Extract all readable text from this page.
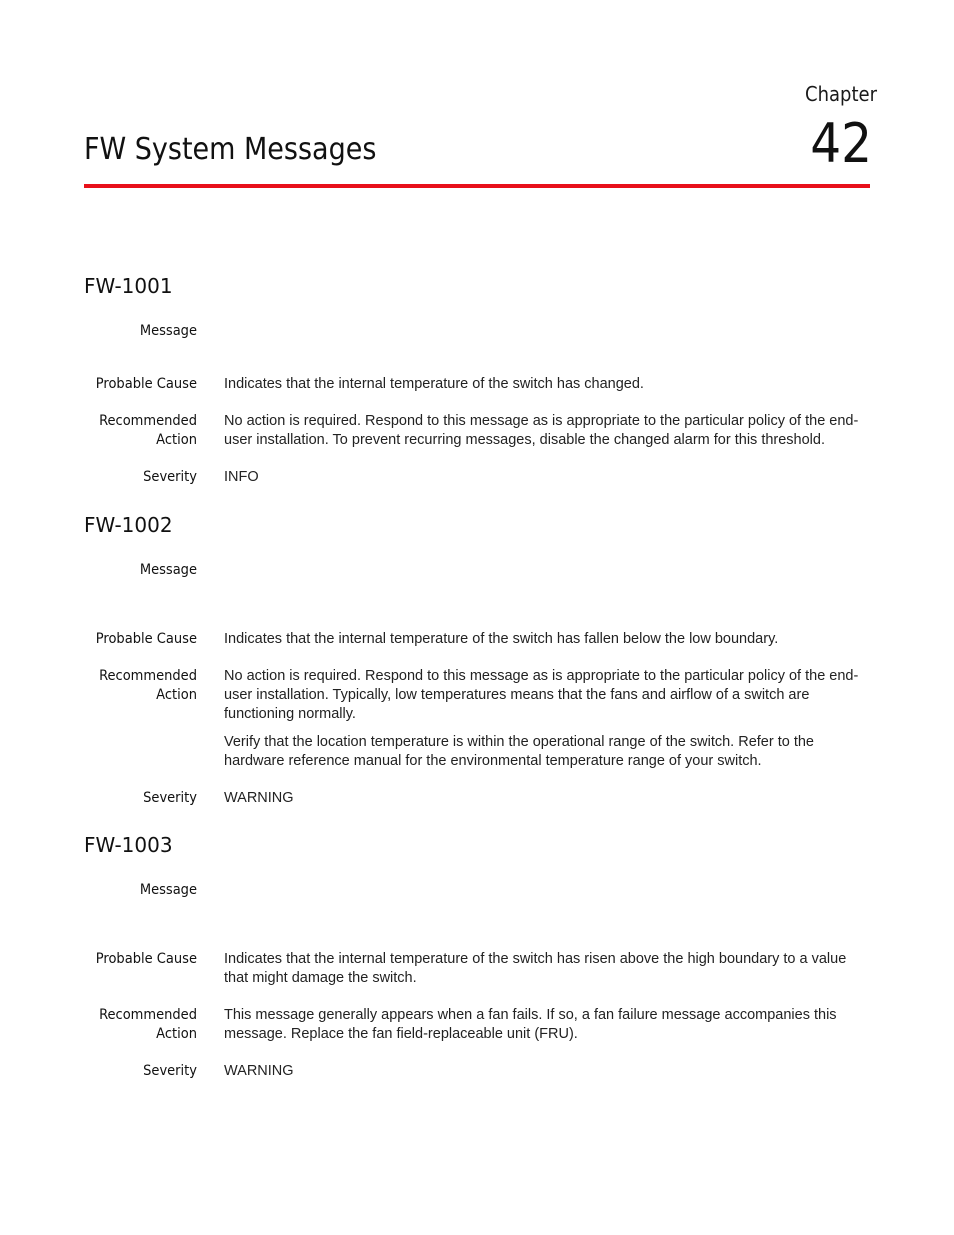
Chapter
42
FW System Messages
FW-1001
Message
Probable Cause Indicates that the internal temperature of the switch has changed.
Recommended
Action

No action is required. Respond to this message as is appropriate to the particular policy of the end-user installation. To prevent recurring messages, disable the changed alarm for this threshold.

Severity INFO
FW-1002
Message
Probable Cause Indicates that the internal temperature of the switch has fallen below the low boundary.
Recommended
Action

No action is required. Respond to this message as is appropriate to the particular policy of the end-user installation. Typically, low temperatures means that the fans and airflow of a switch are functioning normally.

Verify that the location temperature is within the operational range of the switch. Refer to the hardware reference manual for the environmental temperature range of your switch.

Severity WARNING
FW-1003
Message
Probable Cause Indicates that the internal temperature of the switch has risen above the high boundary to a value that might damage the switch.
Recommended
Action

This message generally appears when a fan fails. If so, a fan failure message accompanies this message. Replace the fan field-replaceable unit (FRU).

Severity WARNING
